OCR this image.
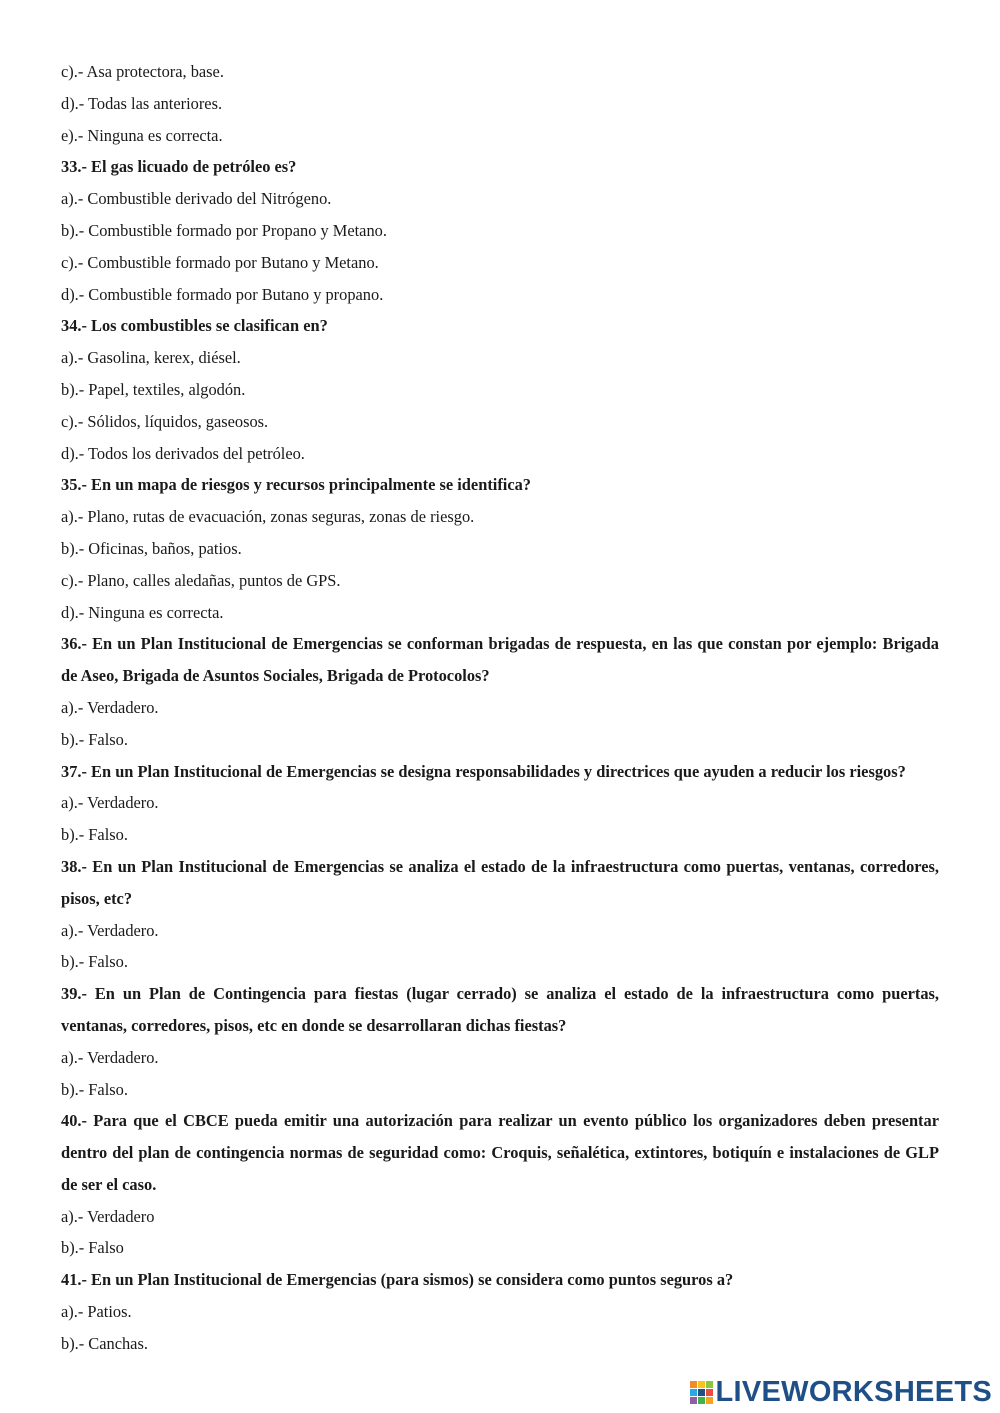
c).- Asa protectora, base.
d).- Todas las anteriores.
e).- Ninguna es correcta.
33.- El gas licuado de petróleo es?
a).- Combustible derivado del Nitrógeno.
b).- Combustible formado por Propano y Metano.
c).- Combustible formado por Butano y Metano.
d).- Combustible formado por Butano y propano.
34.- Los combustibles se clasifican en?
a).- Gasolina, kerex, diésel.
b).- Papel, textiles, algodón.
c).- Sólidos, líquidos, gaseosos.
d).- Todos los derivados del petróleo.
35.- En un mapa de riesgos y recursos principalmente se identifica?
a).- Plano, rutas de evacuación, zonas seguras, zonas de riesgo.
b).- Oficinas, baños, patios.
c).- Plano, calles aledañas, puntos de GPS.
d).- Ninguna es correcta.
36.- En un Plan Institucional de Emergencias se conforman brigadas de respuesta, en las que constan por ejemplo: Brigada de Aseo, Brigada de Asuntos Sociales, Brigada de Protocolos?
a).- Verdadero.
b).- Falso.
37.- En un Plan Institucional de Emergencias se designa responsabilidades y directrices que ayuden a reducir los riesgos?
a).- Verdadero.
b).- Falso.
38.- En un Plan Institucional de Emergencias se analiza el estado de la infraestructura como puertas, ventanas, corredores, pisos, etc?
a).- Verdadero.
b).- Falso.
39.- En un Plan de Contingencia para fiestas (lugar cerrado) se analiza el estado de la infraestructura como puertas, ventanas, corredores, pisos, etc en donde se desarrollaran dichas fiestas?
a).- Verdadero.
b).- Falso.
40.- Para que el CBCE pueda emitir una autorización para realizar un evento público los organizadores deben presentar dentro del plan de contingencia normas de seguridad como: Croquis, señalética, extintores, botiquín e instalaciones de GLP de ser el caso.
a).- Verdadero
b).- Falso
41.- En un Plan Institucional de Emergencias (para sismos) se considera como puntos seguros a?
a).- Patios.
b).- Canchas.
LIVEWORKSHEETS
